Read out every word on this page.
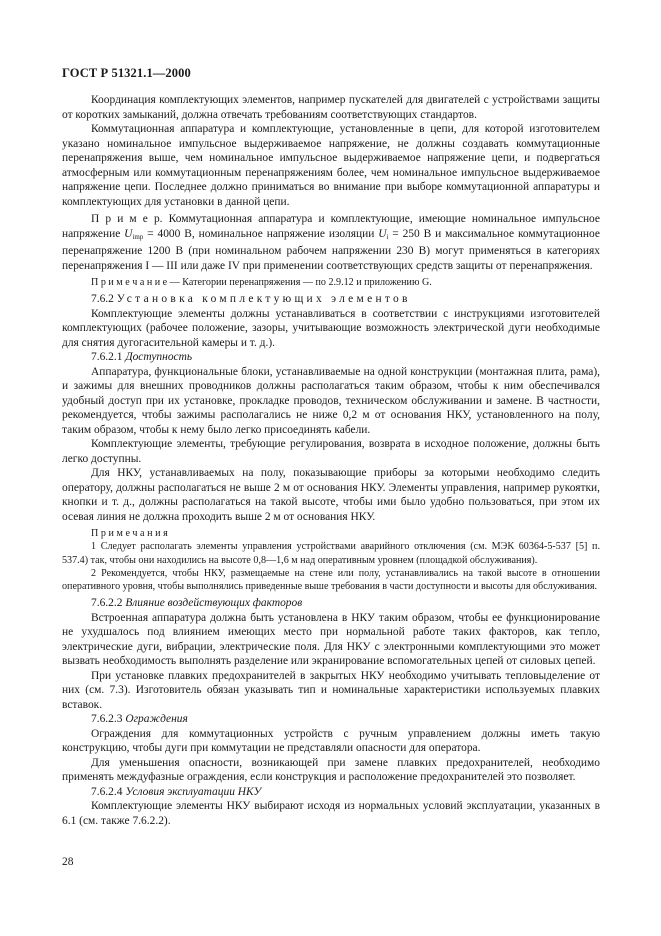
ГОСТ Р 51321.1—2000

Координация комплектующих элементов, например пускателей для двигателей с устройствами защиты от коротких замыканий, должна отвечать требованиям соответствующих стандартов.

Коммутационная аппаратура и комплектующие, установленные в цепи, для которой изготовителем указано номинальное импульсное выдерживаемое напряжение, не должны создавать коммутационные перенапряжения выше, чем номинальное импульсное выдерживаемое напряжение цепи, и подвергаться атмосферным или коммутационным перенапряжениям более, чем номинальное импульсное выдерживаемое напряжение цепи. Последнее должно приниматься во внимание при выборе коммутационной аппаратуры и комплектующих для установки в данной цепи.

П р и м е р. Коммутационная аппаратура и комплектующие, имеющие номинальное импульсное напряжение $U_{imp} = 4000$ В, номинальное напряжение изоляции $U_i = 250$ В и максимальное коммутационное перенапряжение 1200 В (при номинальном рабочем напряжении 230 В) могут применяться в категориях перенапряжения I — III или даже IV при применении соответствующих средств защиты от перенапряжения.

П р и м е ч а н и е — Категории перенапряжения — по 2.9.12 и приложению G.

7.6.2 Установка комплектующих элементов

Комплектующие элементы должны устанавливаться в соответствии с инструкциями изготовителей комплектующих (рабочее положение, зазоры, учитывающие возможность электрической дуги необходимые для снятия дугогасительной камеры и т. д.).

7.6.2.1 Доступность

Аппаратура, функциональные блоки, устанавливаемые на одной конструкции (монтажная плита, рама), и зажимы для внешних проводников должны располагаться таким образом, чтобы к ним обеспечивался удобный доступ при их установке, прокладке проводов, техническом обслуживании и замене. В частности, рекомендуется, чтобы зажимы располагались не ниже 0,2 м от основания НКУ, установленного на полу, таким образом, чтобы к нему было легко присоединять кабели.

Комплектующие элементы, требующие регулирования, возврата в исходное положение, должны быть легко доступны.

Для НКУ, устанавливаемых на полу, показывающие приборы за которыми необходимо следить оператору, должны располагаться не выше 2 м от основания НКУ. Элементы управления, например рукоятки, кнопки и т. д., должны располагаться на такой высоте, чтобы ими было удобно пользоваться, при этом их осевая линия не должна проходить выше 2 м от основания НКУ.

Примечания

1 Следует располагать элементы управления устройствами аварийного отключения (см. МЭК 60364-5-537 [5] п. 537.4) так, чтобы они находились на высоте 0,8—1,6 м над оперативным уровнем (площадкой обслуживания).

2 Рекомендуется, чтобы НКУ, размещаемые на стене или полу, устанавливались на такой высоте в отношении оперативного уровня, чтобы выполнялись приведенные выше требования в части доступности и высоты для обслуживания.

7.6.2.2 Влияние воздействующих факторов

Встроенная аппаратура должна быть установлена в НКУ таким образом, чтобы ее функционирование не ухудшалось под влиянием имеющих место при нормальной работе таких факторов, как тепло, электрические дуги, вибрации, электрические поля. Для НКУ с электронными комплектующими это может вызвать необходимость выполнять разделение или экранирование вспомогательных цепей от силовых цепей.

При установке плавких предохранителей в закрытых НКУ необходимо учитывать тепловыделение от них (см. 7.3). Изготовитель обязан указывать тип и номинальные характеристики используемых плавких вставок.

7.6.2.3 Ограждения

Ограждения для коммутационных устройств с ручным управлением должны иметь такую конструкцию, чтобы дуги при коммутации не представляли опасности для оператора.

Для уменьшения опасности, возникающей при замене плавких предохранителей, необходимо применять междуфазные ограждения, если конструкция и расположение предохранителей это позволяет.

7.6.2.4 Условия эксплуатации НКУ

Комплектующие элементы НКУ выбирают исходя из нормальных условий эксплуатации, указанных в 6.1 (см. также 7.6.2.2).

28
